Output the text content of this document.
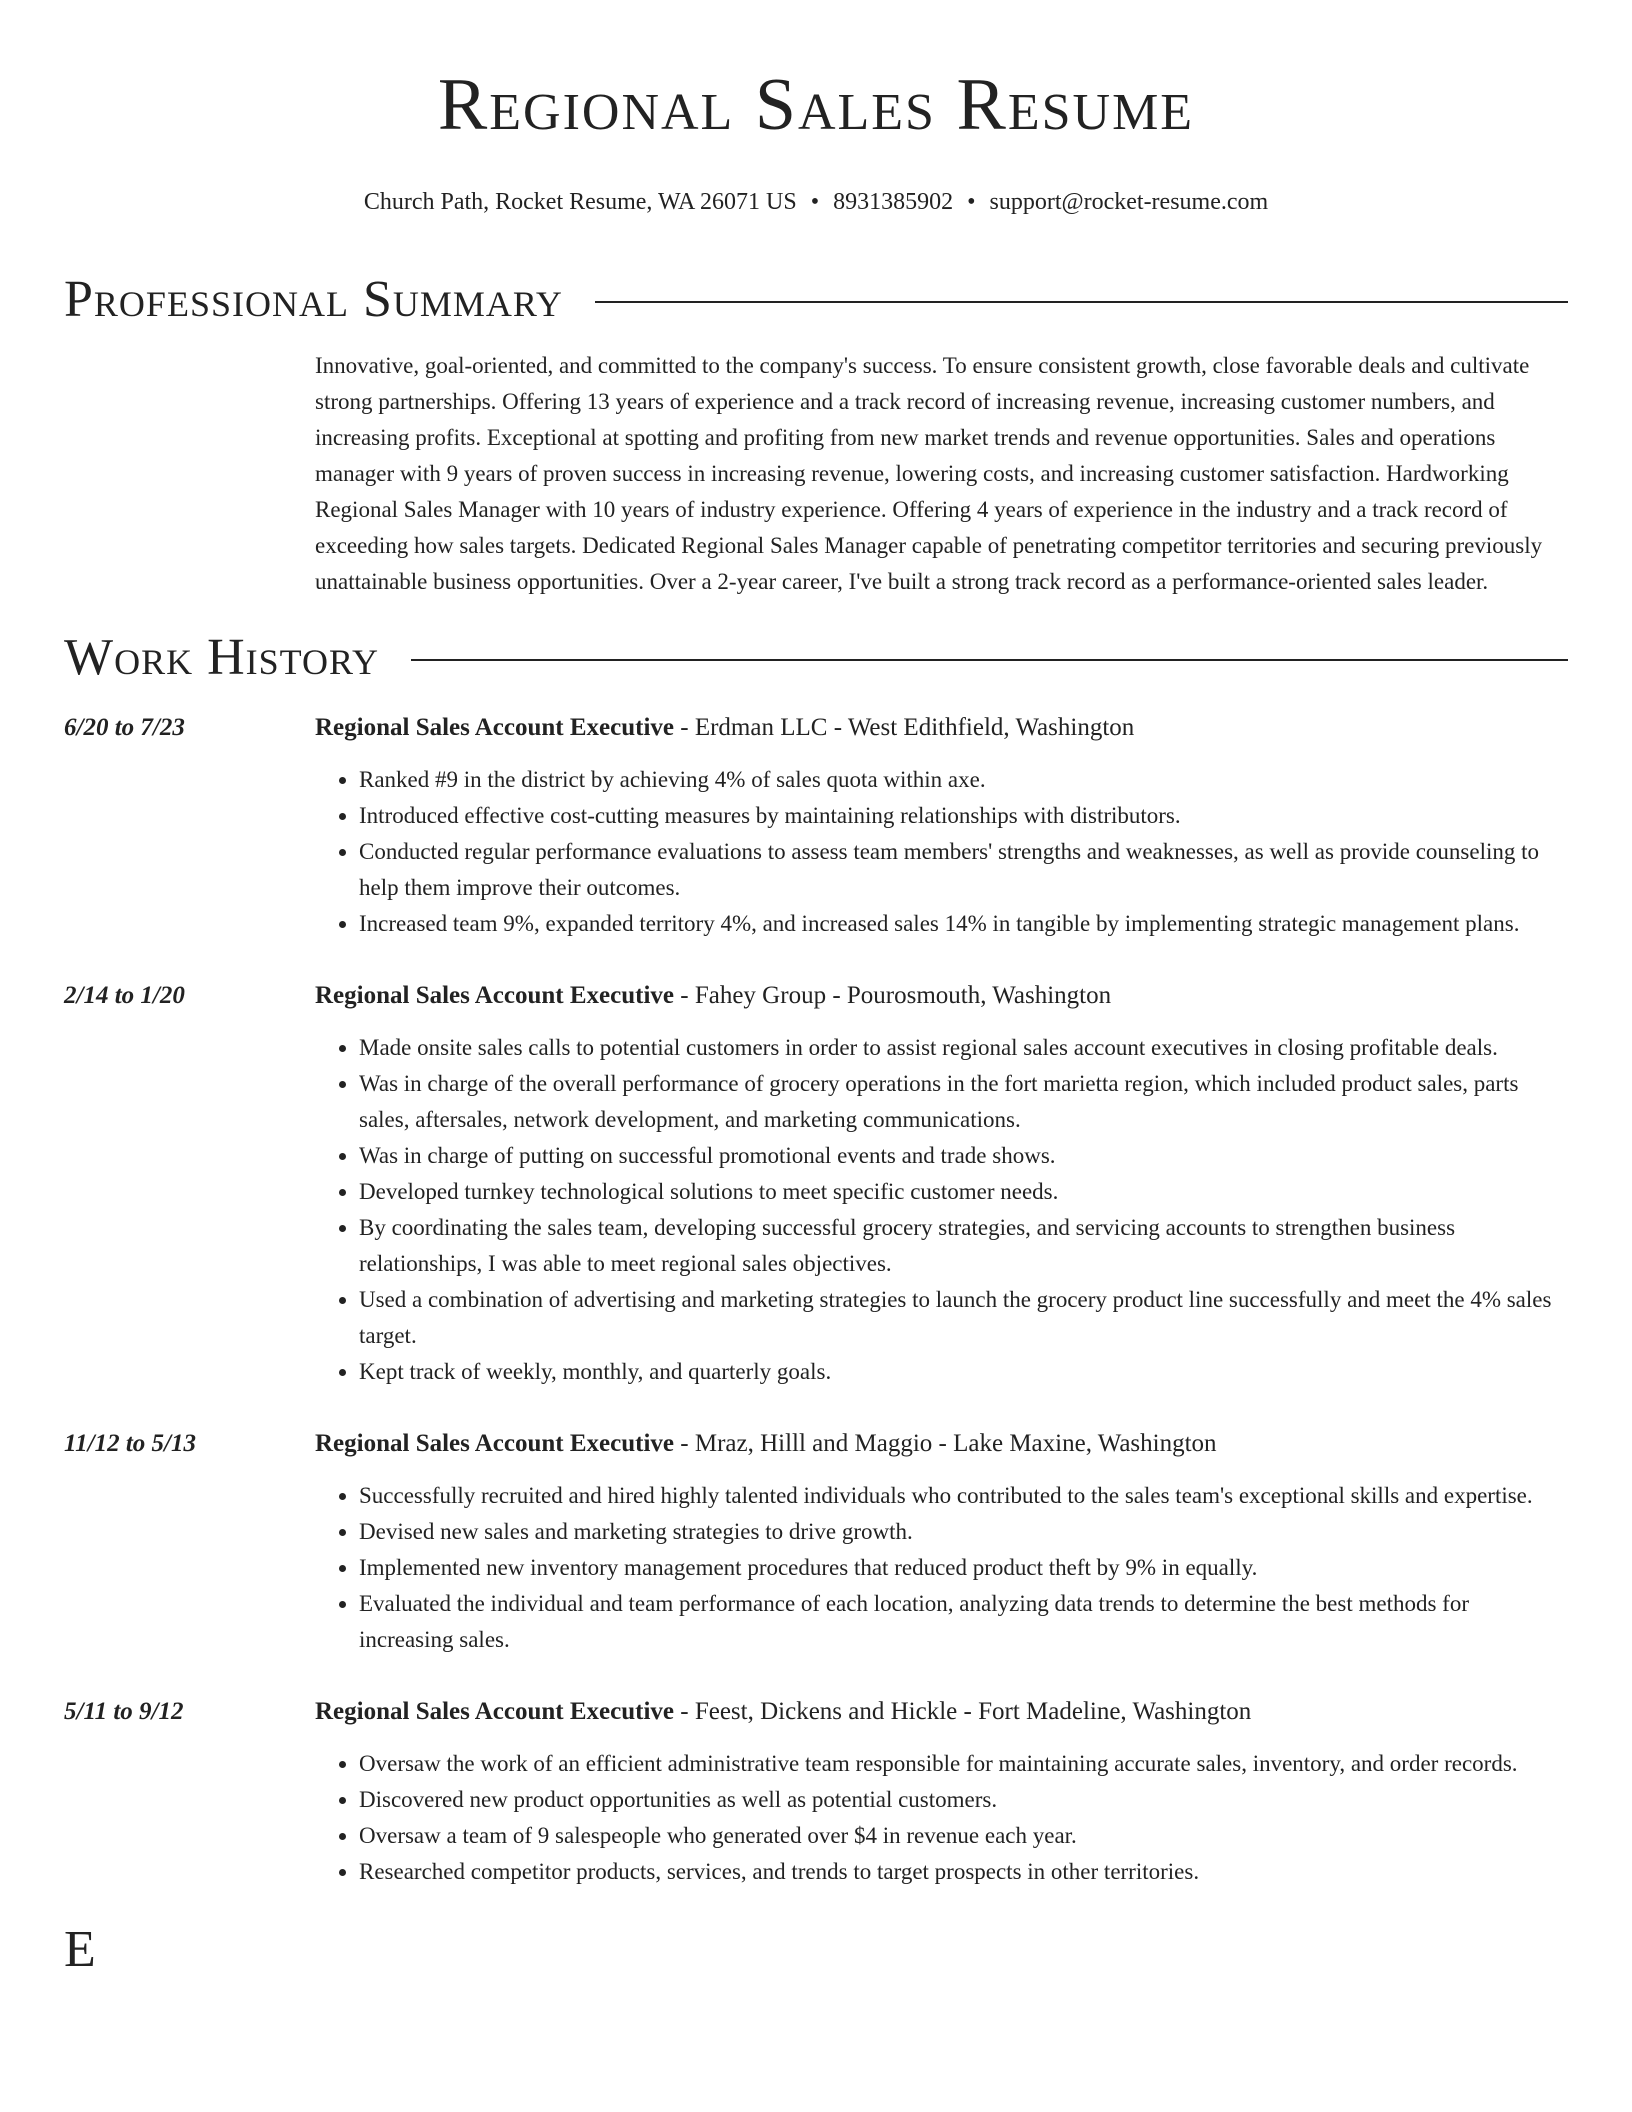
Regional Sales Resume
Church Path, Rocket Resume, WA 26071 US • 8931385902 • support@rocket-resume.com
Professional Summary

Innovative, goal-oriented, and committed to the company's success. To ensure consistent growth, close favorable deals and cultivate strong partnerships. Offering 13 years of experience and a track record of increasing revenue, increasing customer numbers, and increasing profits. Exceptional at spotting and profiting from new market trends and revenue opportunities. Sales and operations manager with 9 years of proven success in increasing revenue, lowering costs, and increasing customer satisfaction. Hardworking Regional Sales Manager with 10 years of industry experience. Offering 4 years of experience in the industry and a track record of exceeding how sales targets. Dedicated Regional Sales Manager capable of penetrating competitor territories and securing previously unattainable business opportunities. Over a 2-year career, I've built a strong track record as a performance-oriented sales leader.

Work History
6/20 to 7/23	Regional Sales Account Executive - Erdman LLC - West Edithfield, Washington
• Ranked #9 in the district by achieving 4% of sales quota within axe.
• Introduced effective cost-cutting measures by maintaining relationships with distributors.
• Conducted regular performance evaluations to assess team members' strengths and weaknesses, as well as provide counseling to help them improve their outcomes.
• Increased team 9%, expanded territory 4%, and increased sales 14% in tangible by implementing strategic management plans.
2/14 to 1/20	Regional Sales Account Executive - Fahey Group - Pourosmouth, Washington
• Made onsite sales calls to potential customers in order to assist regional sales account executives in closing profitable deals.
• Was in charge of the overall performance of grocery operations in the fort marietta region, which included product sales, parts sales, aftersales, network development, and marketing communications.
• Was in charge of putting on successful promotional events and trade shows.
• Developed turnkey technological solutions to meet specific customer needs.
• By coordinating the sales team, developing successful grocery strategies, and servicing accounts to strengthen business relationships, I was able to meet regional sales objectives.
• Used a combination of advertising and marketing strategies to launch the grocery product line successfully and meet the 4% sales target.
• Kept track of weekly, monthly, and quarterly goals.
11/12 to 5/13	Regional Sales Account Executive - Mraz, Hilll and Maggio - Lake Maxine, Washington
• Successfully recruited and hired highly talented individuals who contributed to the sales team's exceptional skills and expertise.
• Devised new sales and marketing strategies to drive growth.
• Implemented new inventory management procedures that reduced product theft by 9% in equally.
• Evaluated the individual and team performance of each location, analyzing data trends to determine the best methods for increasing sales.
5/11 to 9/12	Regional Sales Account Executive - Feest, Dickens and Hickle - Fort Madeline, Washington
• Oversaw the work of an efficient administrative team responsible for maintaining accurate sales, inventory, and order records.
• Discovered new product opportunities as well as potential customers.
• Oversaw a team of 9 salespeople who generated over $4 in revenue each year.
• Researched competitor products, services, and trends to target prospects in other territories.
E
